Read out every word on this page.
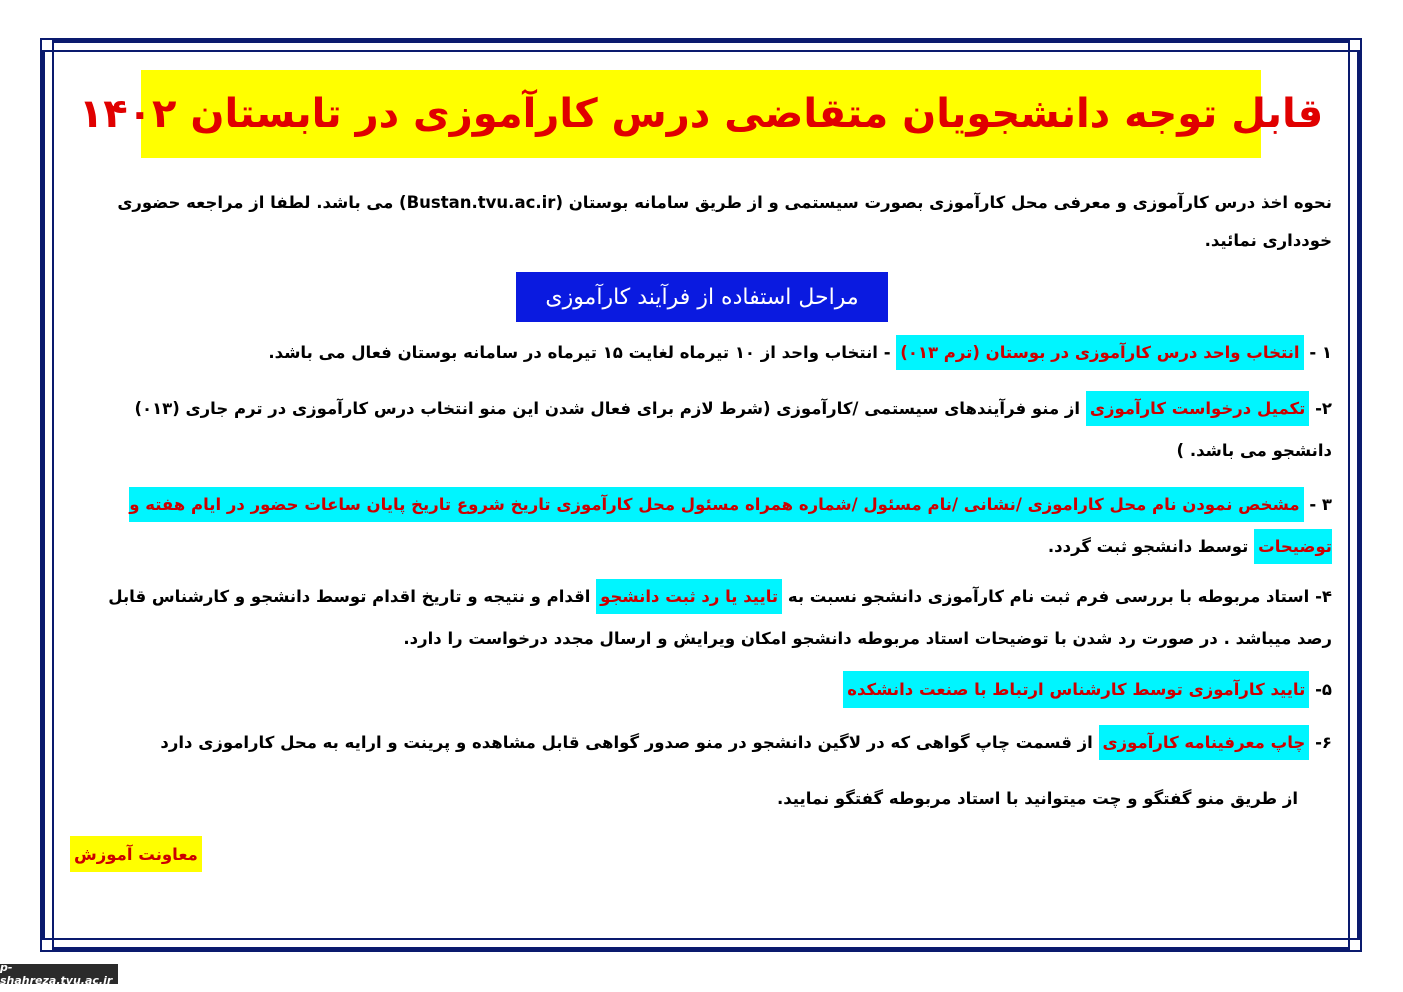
قابل توجه دانشجویان متقاضی درس کارآموزی در تابستان ۱۴۰۲
نحوه اخذ درس کارآموزی و معرفی محل کارآموزی بصورت سیستمی و از طریق سامانه بوستان (Bustan.tvu.ac.ir) می باشد. لطفا از مراجعه حضوری خودداری نمائید.
مراحل استفاده از فرآیند کارآموزی
۱ - انتخاب واحد درس کارآموزی در بوستان (ترم ۰۱۳) - انتخاب واحد از ۱۰ تیرماه لغایت ۱۵ تیرماه در سامانه بوستان فعال می باشد.
۲- تکمیل درخواست کارآموزی از منو فرآیندهای سیستمی /کارآموزی (شرط لازم برای فعال شدن این منو انتخاب درس کارآموزی در ترم جاری (۰۱۳) دانشجو می باشد. )
۳ - مشخص نمودن نام محل کاراموزی /نشانی /نام مسئول /شماره همراه مسئول محل کارآموزی تاریخ شروع تاریخ پایان ساعات حضور در ایام هفته و توضیحات توسط دانشجو ثبت گردد.
۴- استاد مربوطه با بررسی فرم ثبت نام کارآموزی دانشجو نسبت به تایید یا رد ثبت دانشجو اقدام و نتیجه و تاریخ اقدام توسط دانشجو و کارشناس قابل رصد میباشد . در صورت رد شدن با توضیحات استاد مربوطه دانشجو امکان ویرایش و ارسال مجدد درخواست را دارد.
۵- تایید کارآموزی توسط کارشناس ارتباط با صنعت دانشکده
۶- چاپ معرفینامه کارآموزی از قسمت چاپ گواهی که در لاگین دانشجو در منو صدور گواهی قابل مشاهده و پرینت و ارایه به محل کاراموزی دارد
از طریق منو گفتگو و چت میتوانید با استاد مربوطه گفتگو نمایید.
معاونت آموزش
p-shahreza.tvu.ac.ir
